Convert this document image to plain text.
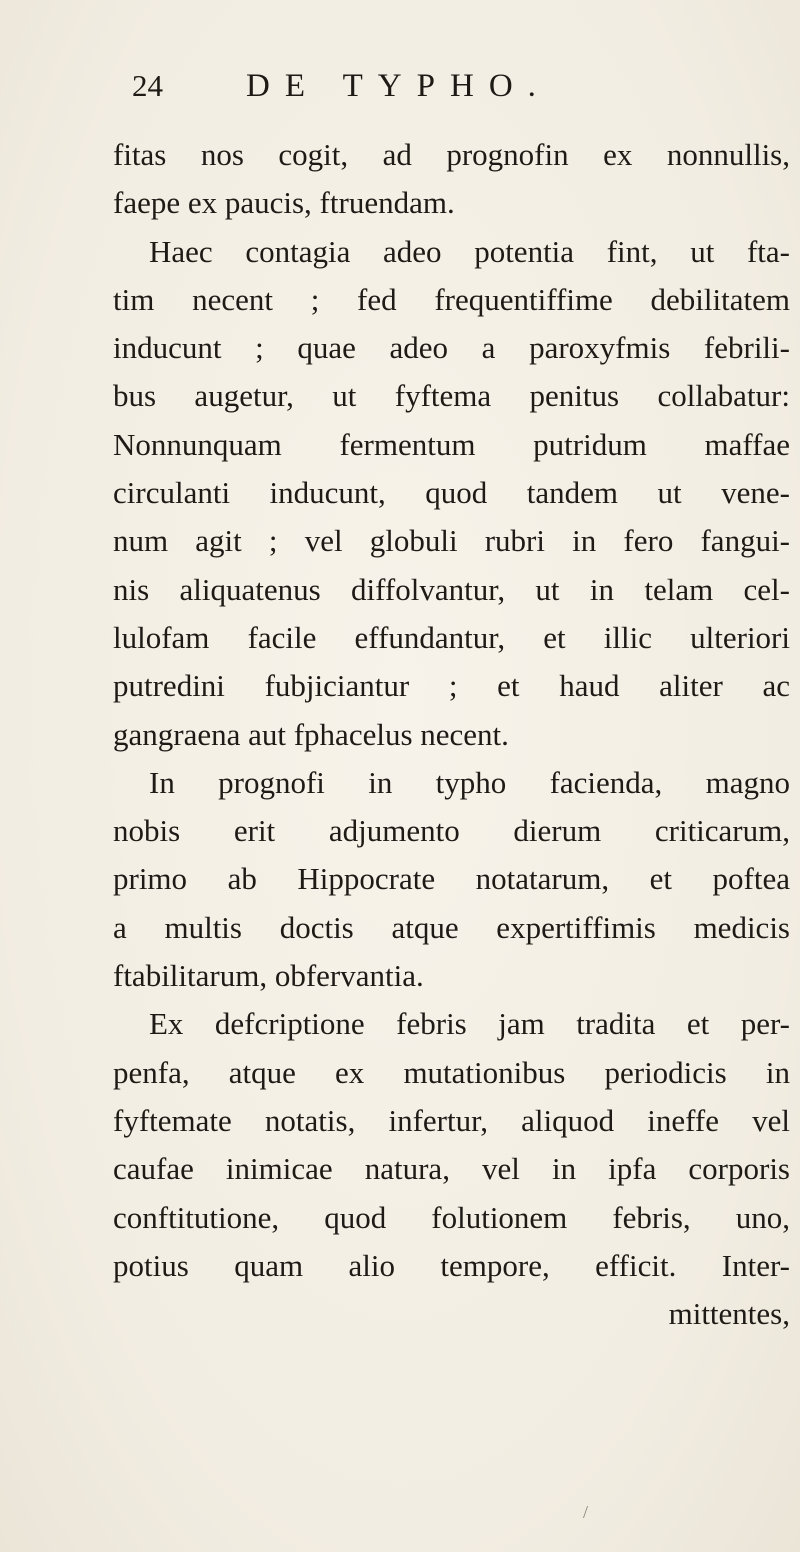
24	DE TYPHO.
fitas nos cogit, ad prognofin ex nonnullis,
faepe ex paucis, ftruendam.
Haec contagia adeo potentia fint, ut fta-
tim necent ; fed frequentiffime debilitatem
inducunt ; quae adeo a paroxyfmis febrili-
bus augetur, ut fyftema penitus collabatur:
Nonnunquam fermentum putridum maffae
circulanti inducunt, quod tandem ut vene-
num agit ; vel globuli rubri in fero fangui-
nis aliquatenus diffolvantur, ut in telam cel-
lulofam facile effundantur, et illic ulteriori
putredini fubjiciantur ; et haud aliter ac
gangraena aut fphacelus necent.
In prognofi in typho facienda, magno
nobis erit adjumento dierum criticarum,
primo ab Hippocrate notatarum, et poftea
a multis doctis atque expertiffimis medicis
ftabilitarum, obfervantia.
Ex defcriptione febris jam tradita et per-
penfa, atque ex mutationibus periodicis in
fyftemate notatis, infertur, aliquod ineffe vel
caufae inimicae natura, vel in ipfa corporis
conftitutione, quod folutionem febris, uno,
potius quam alio tempore, efficit. Inter-
mittentes,
/
